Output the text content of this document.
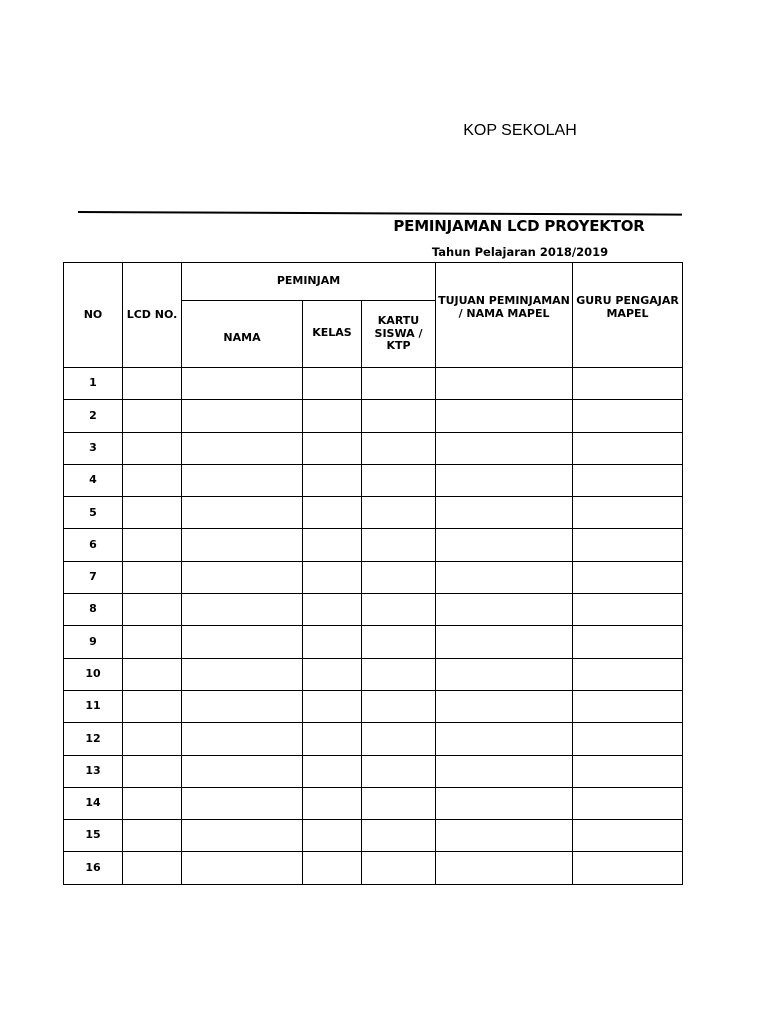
KOP SEKOLAH
PEMINJAMAN LCD PROYEKTOR
Tahun Pelajaran 2018/2019
NO	LCD NO.	PEMINJAM			TUJUAN PEMINJAMAN / NAMA MAPEL	GURU PENGAJAR MAPEL
		NAMA	KELAS	KARTU SISWA / KTP		
1						
2						
3						
4						
5						
6						
7						
8						
9						
10						
11						
12						
13						
14						
15						
16						
